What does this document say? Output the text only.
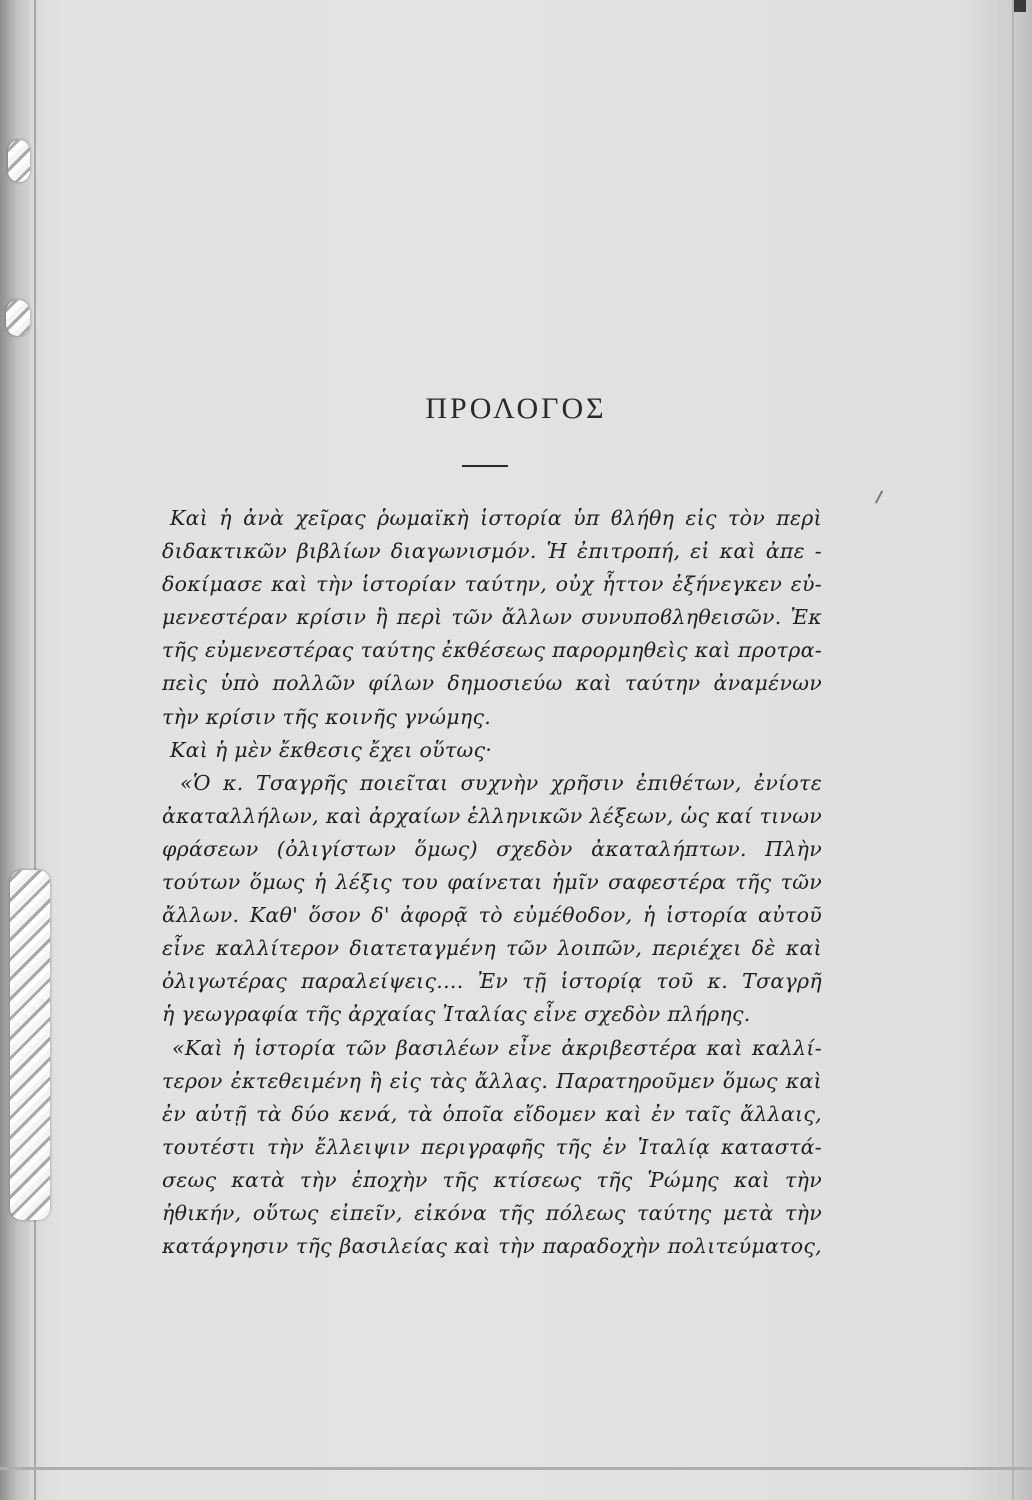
ΠΡΟΛΟΓΟΣ
Καὶ ἡ ἀνὰ χεῖρας ῥωμαϊκὴ ἱστορία ὑπ ϐλήθη εἰς τὸν περὶ
διδακτικῶν βιβλίων διαγωνισμόν. Ἡ ἐπιτροπή, εἰ καὶ ἀπε -
δοκίμασε καὶ τὴν ἱστορίαν ταύτην, οὐχ ἧττον ἐξήνεγκεν εὐ-
μενεστέραν κρίσιν ἢ περὶ τῶν ἄλλων συνυποϐληθεισῶν. Ἐκ
τῆς εὐμενεστέρας ταύτης ἐκθέσεως παρορμηθεὶς καὶ προτρα-
πεὶς ὑπὸ πολλῶν φίλων δημοσιεύω καὶ ταύτην ἀναμένων
τὴν κρίσιν τῆς κοινῆς γνώμης.
Καὶ ἡ μὲν ἔκθεσις ἔχει οὕτως·
«Ὁ κ. Τσαγρῆς ποιεῖται συχνὴν χρῆσιν ἐπιθέτων, ἐνίοτε
ἀκαταλλήλων, καὶ ἀρχαίων ἑλληνικῶν λέξεων, ὡς καί τινων
φράσεων (ὀλιγίστων ὅμως) σχεδὸν ἀκαταλήπτων. Πλὴν
τούτων ὅμως ἡ λέξις του φαίνεται ἡμῖν σαφεστέρα τῆς τῶν
ἄλλων. Καθ' ὅσον δ' ἀφορᾷ τὸ εὐμέθοδον, ἡ ἱστορία αὐτοῦ
εἶνε καλλίτερον διατεταγμένη τῶν λοιπῶν, περιέχει δὲ καὶ
ὀλιγωτέρας παραλείψεις.... Ἐν τῇ ἱστορίᾳ τοῦ κ. Τσαγρῆ
ἡ γεωγραφία τῆς ἀρχαίας Ἰταλίας εἶνε σχεδὸν πλήρης.
«Καὶ ἡ ἱστορία τῶν βασιλέων εἶνε ἀκριβεστέρα καὶ καλλί-
τερον ἐκτεθειμένη ἢ εἰς τὰς ἄλλας. Παρατηροῦμεν ὅμως καὶ
ἐν αὐτῇ τὰ δύο κενά, τὰ ὁποῖα εἴδομεν καὶ ἐν ταῖς ἄλλαις,
τουτέστι τὴν ἔλλειψιν περιγραφῆς τῆς ἐν Ἰταλίᾳ καταστά-
σεως κατὰ τὴν ἐποχὴν τῆς κτίσεως τῆς Ῥώμης καὶ τὴν
ἠθικήν, οὕτως εἰπεῖν, εἰκόνα τῆς πόλεως ταύτης μετὰ τὴν
κατάργησιν τῆς βασιλείας καὶ τὴν παραδοχὴν πολιτεύματος,
